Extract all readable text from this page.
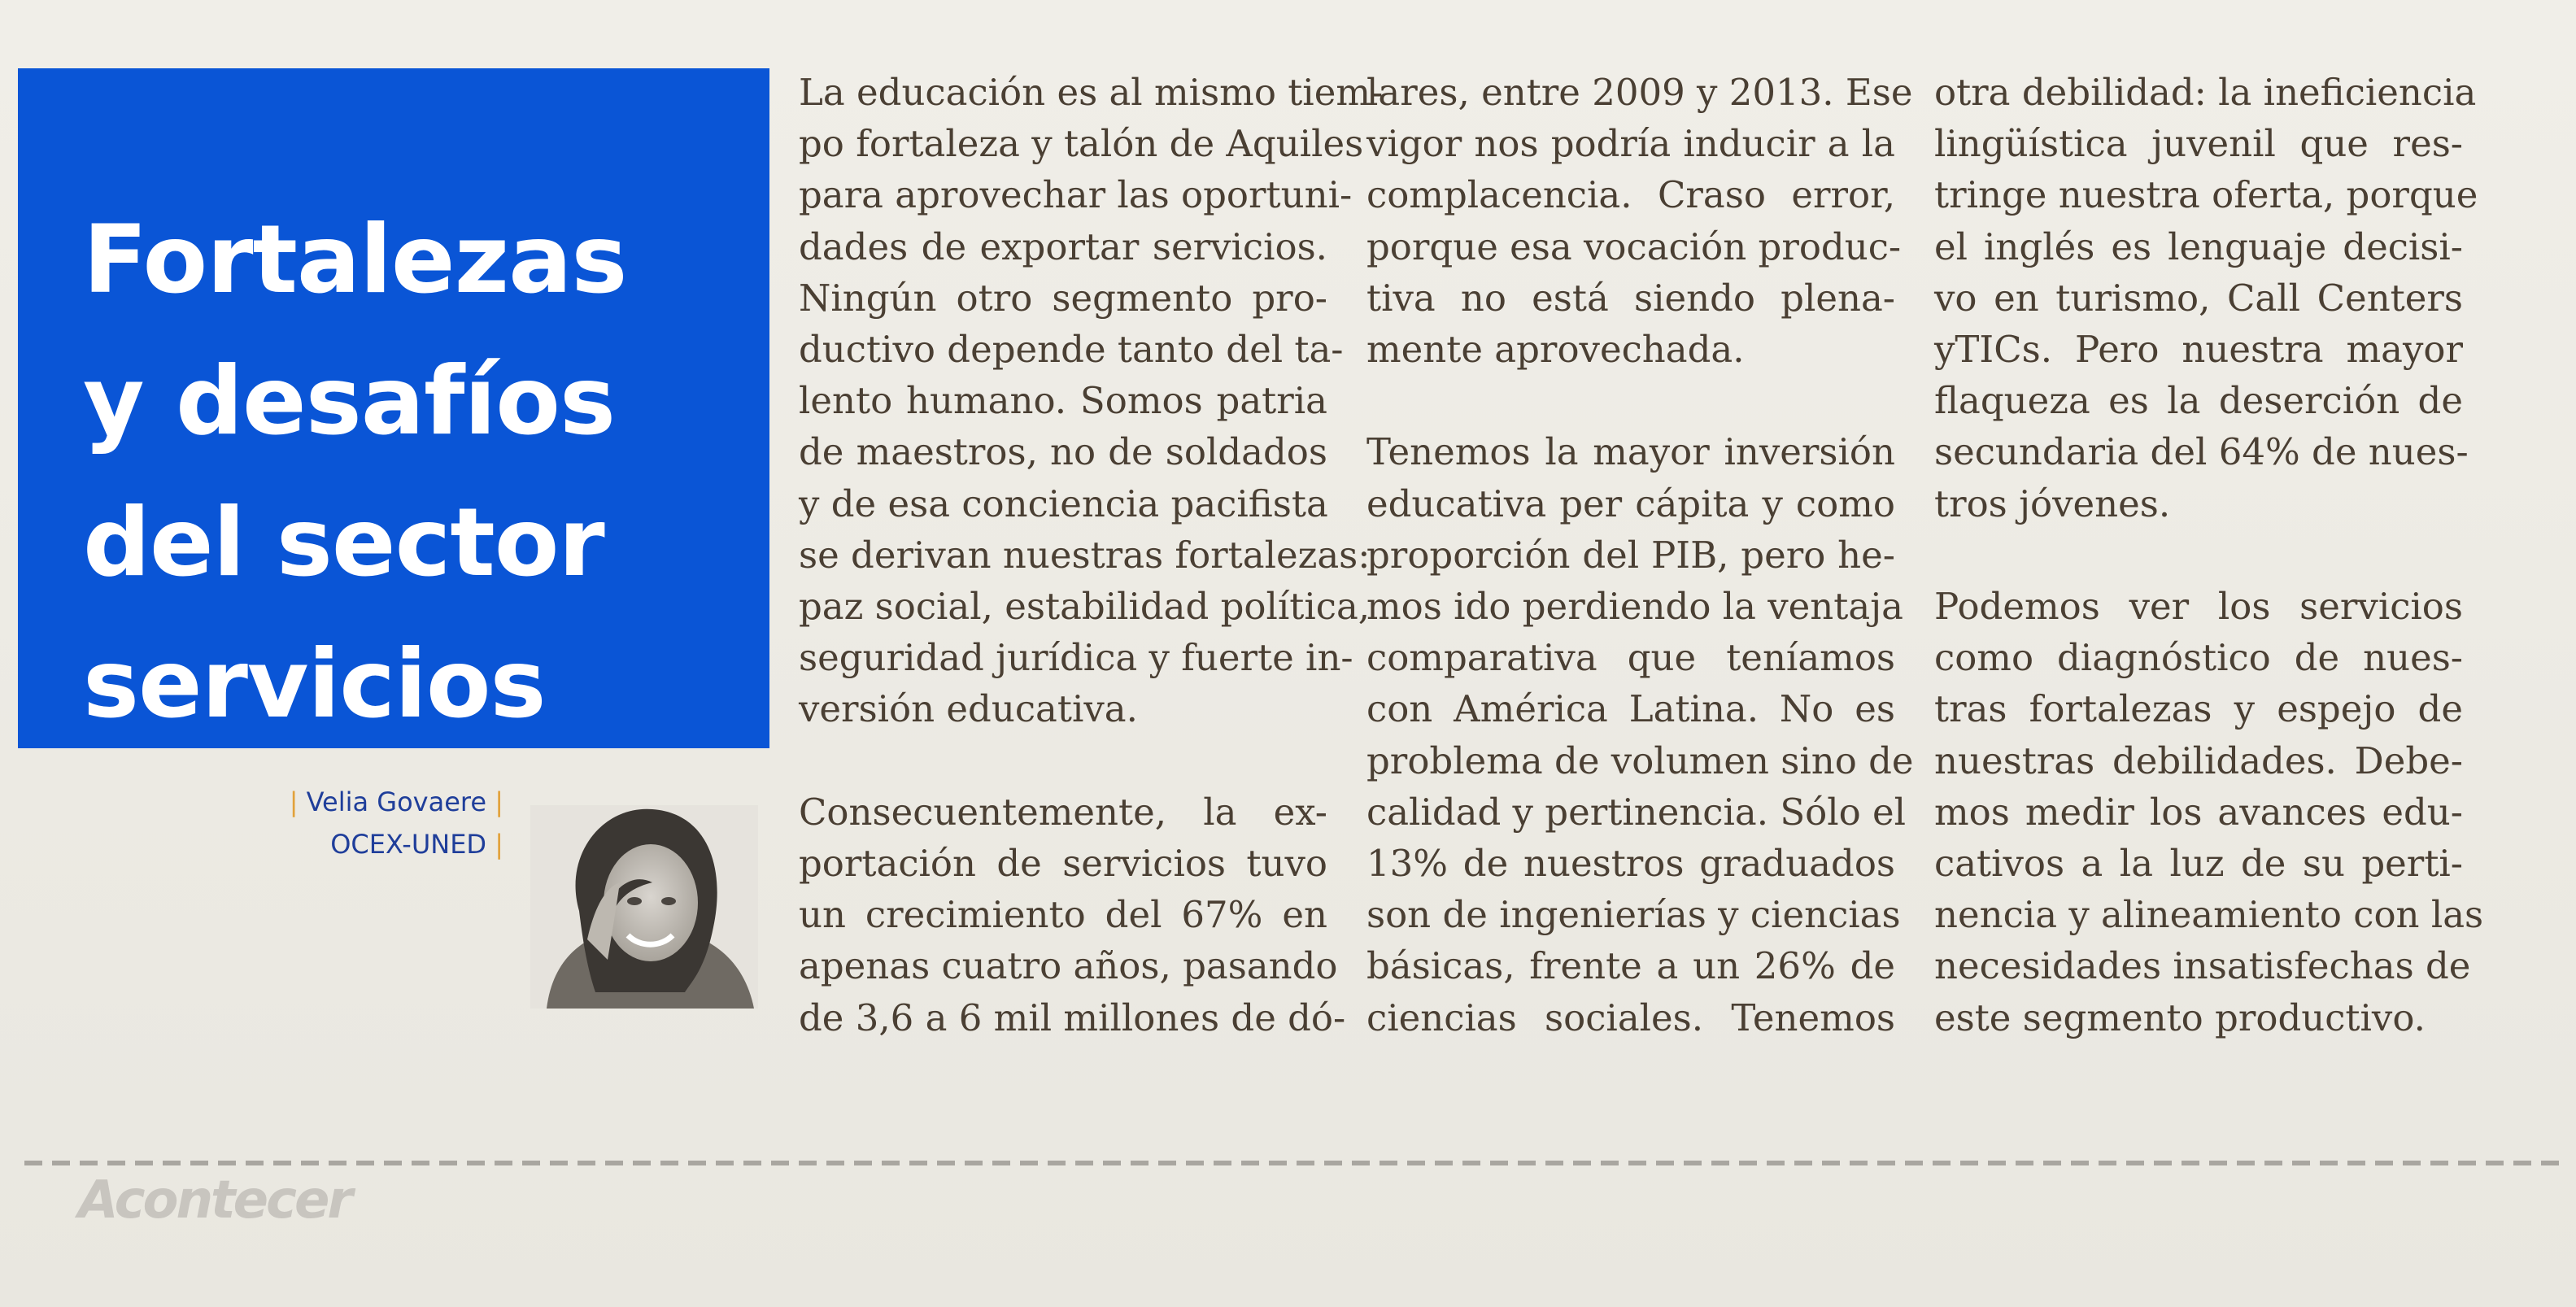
Fortalezas
y desafíos
del sector
servicios
| Velia Govaere |
OCEX-UNED |
La educación es al mismo tiem-
po fortaleza y talón de Aquiles
para aprovechar las oportuni-
dades de exportar servicios.
Ningún otro segmento pro-
ductivo depende tanto del ta-
lento humano. Somos patria
de maestros, no de soldados
y de esa conciencia pacifista
se derivan nuestras fortalezas:
paz social, estabilidad política,
seguridad jurídica y fuerte in-
versión educativa.
Consecuentemente, la ex-
portación de servicios tuvo
un crecimiento del 67% en
apenas cuatro años, pasando
de 3,6 a 6 mil millones de dó-
lares, entre 2009 y 2013. Ese
vigor nos podría inducir a la
complacencia. Craso error,
porque esa vocación produc-
tiva no está siendo plena-
mente aprovechada.
Tenemos la mayor inversión
educativa per cápita y como
proporción del PIB, pero he-
mos ido perdiendo la ventaja
comparativa que teníamos
con América Latina. No es
problema de volumen sino de
calidad y pertinencia. Sólo el
13% de nuestros graduados
son de ingenierías y ciencias
básicas, frente a un 26% de
ciencias sociales. Tenemos
otra debilidad: la ineficiencia
lingüística juvenil que res-
tringe nuestra oferta, porque
el inglés es lenguaje decisi-
vo en turismo, Call Centers
yTICs. Pero nuestra mayor
flaqueza es la deserción de
secundaria del 64% de nues-
tros jóvenes.
Podemos ver los servicios
como diagnóstico de nues-
tras fortalezas y espejo de
nuestras debilidades. Debe-
mos medir los avances edu-
cativos a la luz de su perti-
nencia y alineamiento con las
necesidades insatisfechas de
este segmento productivo.
Acontecer
